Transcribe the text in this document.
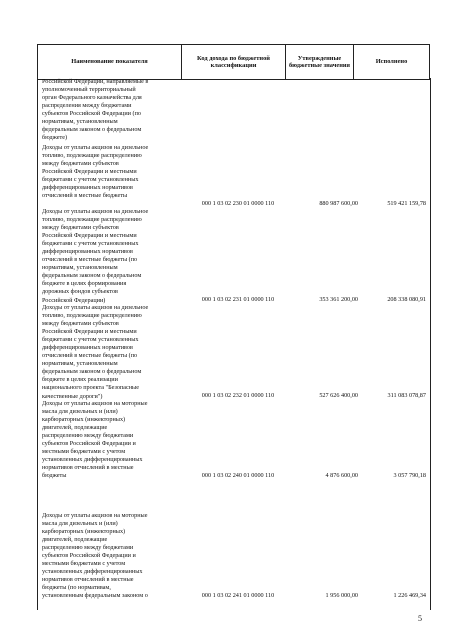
Наименование показателя	Код дохода по бюджетной классификации	Утвержденные бюджетные значения	Исполнено

Российской Федерации, направляемые в
уполномоченный территориальный
орган Федерального казначейства для
распределения между бюджетами
субъектов Российской Федерации (по
нормативам, установленным
федеральным законом о федеральном
бюджете)

Доходы от уплаты акцизов на дизельное
топливо, подлежащие распределению
между бюджетами субъектов
Российской Федерации и местными
бюджетами с учетом установленных
дифференцированных нормативов
отчислений в местные бюджеты

000 1 03 02 230 01 0000 110	880 987 600,00	519 421 159,78

Доходы от уплаты акцизов на дизельное
топливо, подлежащие распределению
между бюджетами субъектов
Российской Федерации и местными
бюджетами с учетом установленных
дифференцированных нормативов
отчислений в местные бюджеты (по
нормативам, установленным
федеральным законом о федеральном
бюджете в целях формирования
дорожных фондов субъектов
Российской Федерации)	000 1 03 02 231 01 0000 110	353 361 200,00	208 338 080,91

Доходы от уплаты акцизов на дизельное
топливо, подлежащие распределению
между бюджетами субъектов
Российской Федерации и местными
бюджетами с учетом установленных
дифференцированных нормативов
отчислений в местные бюджеты (по
нормативам, установленным
федеральным законом о федеральном
бюджете в целях реализации
национального проекта "Безопасные
качественные дороги")	000 1 03 02 232 01 0000 110	527 626 400,00	311 083 078,87

Доходы от уплаты акцизов на моторные
масла для дизельных и (или)
карбюраторных (инжекторных)
двигателей, подлежащие
распределению между бюджетами
субъектов Российской Федерации и
местными бюджетами с учетом
установленных дифференцированных
нормативов отчислений в местные
бюджеты	000 1 03 02 240 01 0000 110	4 876 600,00	3 057 790,18

Доходы от уплаты акцизов на моторные
масла для дизельных и (или)
карбюраторных (инжекторных)
двигателей, подлежащие
распределению между бюджетами
субъектов Российской Федерации и
местными бюджетами с учетом
установленных дифференцированных
нормативов отчислений в местные
бюджеты (по нормативам,
установленным федеральным законом о	000 1 03 02 241 01 0000 110	1 956 000,00	1 226 469,34
5
